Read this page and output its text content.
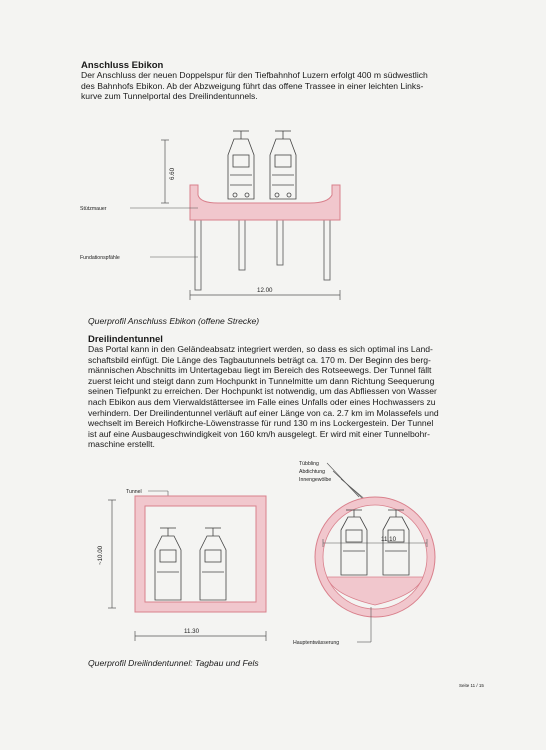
Anschluss Ebikon
Der Anschluss der neuen Doppelspur für den Tiefbahnhof Luzern erfolgt 400 m südwestlich
des Bahnhofs Ebikon. Ab der Abzweigung führt das offene Trassee in einer leichten Links-
kurve zum Tunnelportal des Dreilindentunnels.
6.60
Stützmauer
Fundationspfähle
12.00
Querprofil Anschluss Ebikon (offene Strecke)
Dreilindentunnel
Das Portal kann in den Geländeabsatz integriert werden, so dass es sich optimal ins Land-
schaftsbild einfügt. Die Länge des Tagbautunnels beträgt ca. 170 m. Der Beginn des berg-
männischen Abschnitts im Untertagebau liegt im Bereich des Rotseewegs. Der Tunnel fällt
zuerst leicht und steigt dann zum Hochpunkt in Tunnelmitte um dann Richtung Seequerung
seinen Tiefpunkt zu erreichen. Der Hochpunkt ist notwendig, um das Abfliessen von Wasser
nach Ebikon aus dem Vierwaldstättersee im Falle eines Unfalls oder eines Hochwassers zu
verhindern. Der Dreilindentunnel verläuft auf einer Länge von ca. 2.7 km im Molassefels und
wechselt im Bereich Hofkirche-Löwenstrasse für rund 130 m ins Lockergestein. Der Tunnel
ist auf eine Ausbaugeschwindigkeit von 160 km/h ausgelegt. Er wird mit einer Tunnelbohr-
maschine erstellt.
Tunnel
~10.00
11.30
Tübbling
Abdichtung
Innengewölbe
11.10
Hauptentwässerung
Querprofil Dreilindentunnel: Tagbau und Fels
Seite 11 / 15
